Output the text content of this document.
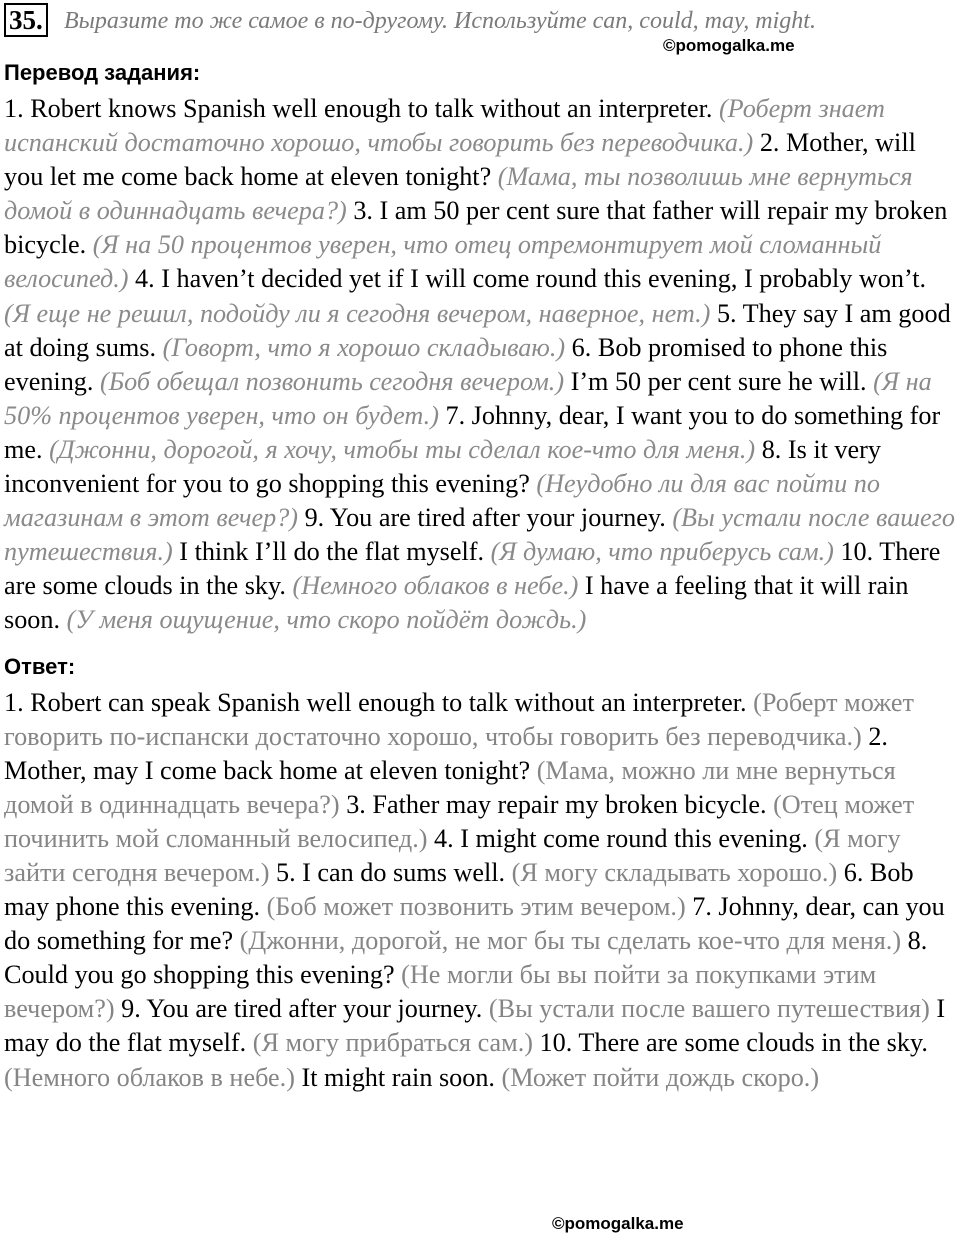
35. Выразите то же самое в по-другому. Используйте can, could, may, might.
Перевод задания:

1. Robert knows Spanish well enough to talk without an interpreter. (Роберт знает испанский достаточно хорошо, чтобы говорить без переводчика.) 2. Mother, will you let me come back home at eleven tonight? (Мама, ты позволишь мне вернуться домой в одиннадцать вечера?) 3. I am 50 per cent sure that father will repair my broken bicycle. (Я на 50 процентов уверен, что отец отремонтирует мой сломанный велосипед.) 4. I haven’t decided yet if I will come round this evening, I probably won’t. (Я еще не решил, подойду ли я сегодня вечером, наверное, нет.) 5. They say I am good at doing sums. (Говорт, что я хорошо складываю.) 6. Bob promised to phone this evening. (Боб обещал позвонить сегодня вечером.) I’m 50 per cent sure he will. (Я на 50% процентов уверен, что он будет.) 7. Johnny, dear, I want you to do something for me. (Джонни, дорогой, я хочу, чтобы ты сделал кое-что для меня.) 8. Is it very inconvenient for you to go shopping this evening? (Неудобно ли для вас пойти по магазинам в этот вечер?) 9. You are tired after your journey. (Вы устали после вашего путешествия.) I think I’ll do the flat myself. (Я думаю, что приберусь сам.) 10. There are some clouds in the sky. (Немного облаков в небе.) I have a feeling that it will rain soon. (У меня ощущение, что скоро пойдёт дождь.)

Ответ:

1. Robert can speak Spanish well enough to talk without an interpreter. (Роберт может говорить по-испански достаточно хорошо, чтобы говорить без переводчика.) 2. Mother, may I come back home at eleven tonight? (Мама, можно ли мне вернуться домой в одиннадцать вечера?) 3. Father may repair my broken bicycle. (Отец может починить мой сломанный велосипед.) 4. I might come round this evening. (Я могу зайти сегодня вечером.) 5. I can do sums well. (Я могу складывать хорошо.) 6. Bob may phone this evening. (Боб может позвонить этим вечером.) 7. Johnny, dear, can you do something for me? (Джонни, дорогой, не мог бы ты сделать кое-что для меня.) 8. Could you go shopping this evening? (Не могли бы вы пойти за покупками этим вечером?) 9. You are tired after your journey. (Вы устали после вашего путешествия) I may do the flat myself. (Я могу прибраться сам.) 10. There are some clouds in the sky. (Немного облаков в небе.) It might rain soon. (Может пойти дождь скоро.)

©pomogalka.me
©pomogalka.me
